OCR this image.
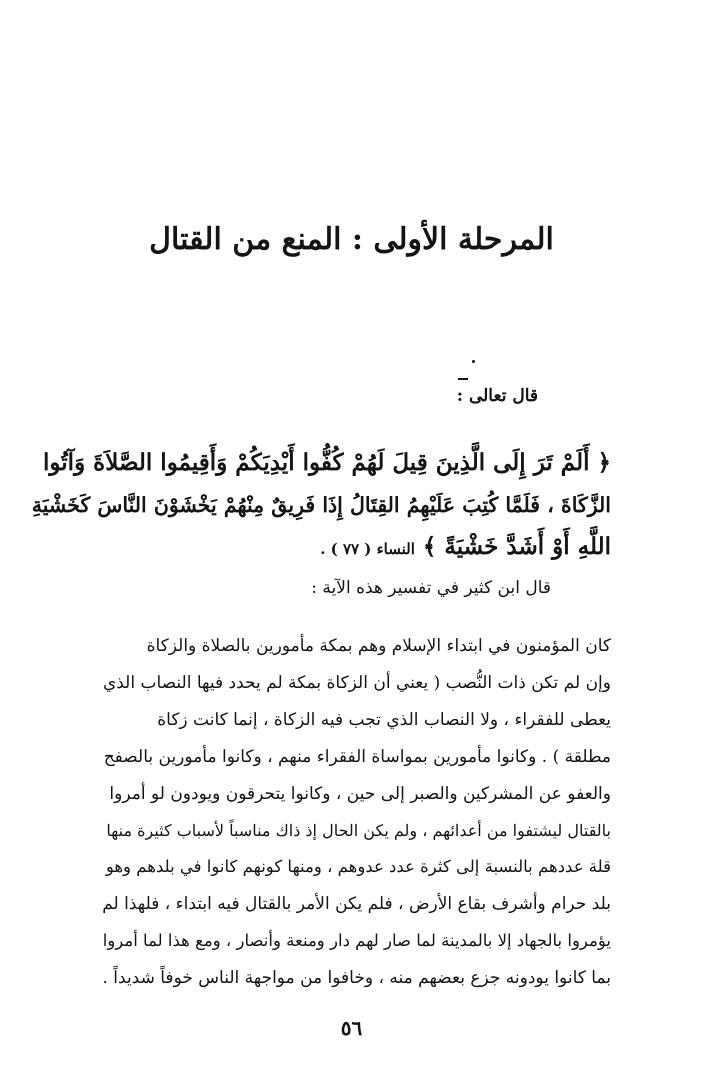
المرحلة الأولى : المنع من القتال
قال تعالى :
﴿ أَلَمْ تَرَ إِلَى الَّذِينَ قِيلَ لَهُمْ كُفُّوا أَيْدِيَكُمْ وَأَقِيمُوا الصَّلاَةَ وَآتُوا
الزَّكَاةَ ، فَلَمَّا كُتِبَ عَلَيْهِمُ القِتَالُ إِذَا فَرِيقٌ مِنْهُمْ يَخْشَوْنَ النَّاسَ كَخَشْيَةِ
اللَّهِ أَوْ أَشَدَّ خَشْيَةً ﴾ النساء ( ٧٧ ) .
قال ابن كثير في تفسير هذه الآية :
كان المؤمنون في ابتداء الإسلام وهم بمكة مأمورين بالصلاة والزكاة
وإن لم تكن ذات النُّصب ( يعني أن الزكاة بمكة لم يحدد فيها النصاب الذي
يعطى للفقراء ، ولا النصاب الذي تجب فيه الزكاة ، إنما كانت زكاة
مطلقة ) . وكانوا مأمورين بمواساة الفقراء منهم ، وكانوا مأمورين بالصفح
والعفو عن المشركين والصبر إلى حين ، وكانوا يتحرقون ويودون لو أمروا
بالقتال ليشتفوا من أعدائهم ، ولم يكن الحال إذ ذاك مناسباً لأسباب كثيرة منها
قلة عددهم بالنسبة إلى كثرة عدد عدوهم ، ومنها كونهم كانوا في بلدهم وهو
بلد حرام وأشرف بقاع الأرض ، فلم يكن الأمر بالقتال فيه ابتداء ، فلهذا لم
يؤمروا بالجهاد إلا بالمدينة لما صار لهم دار ومنعة وأنصار ، ومع هذا لما أمروا
بما كانوا يودونه جزع بعضهم منه ، وخافوا من مواجهة الناس خوفاً شديداً .
٥٦
